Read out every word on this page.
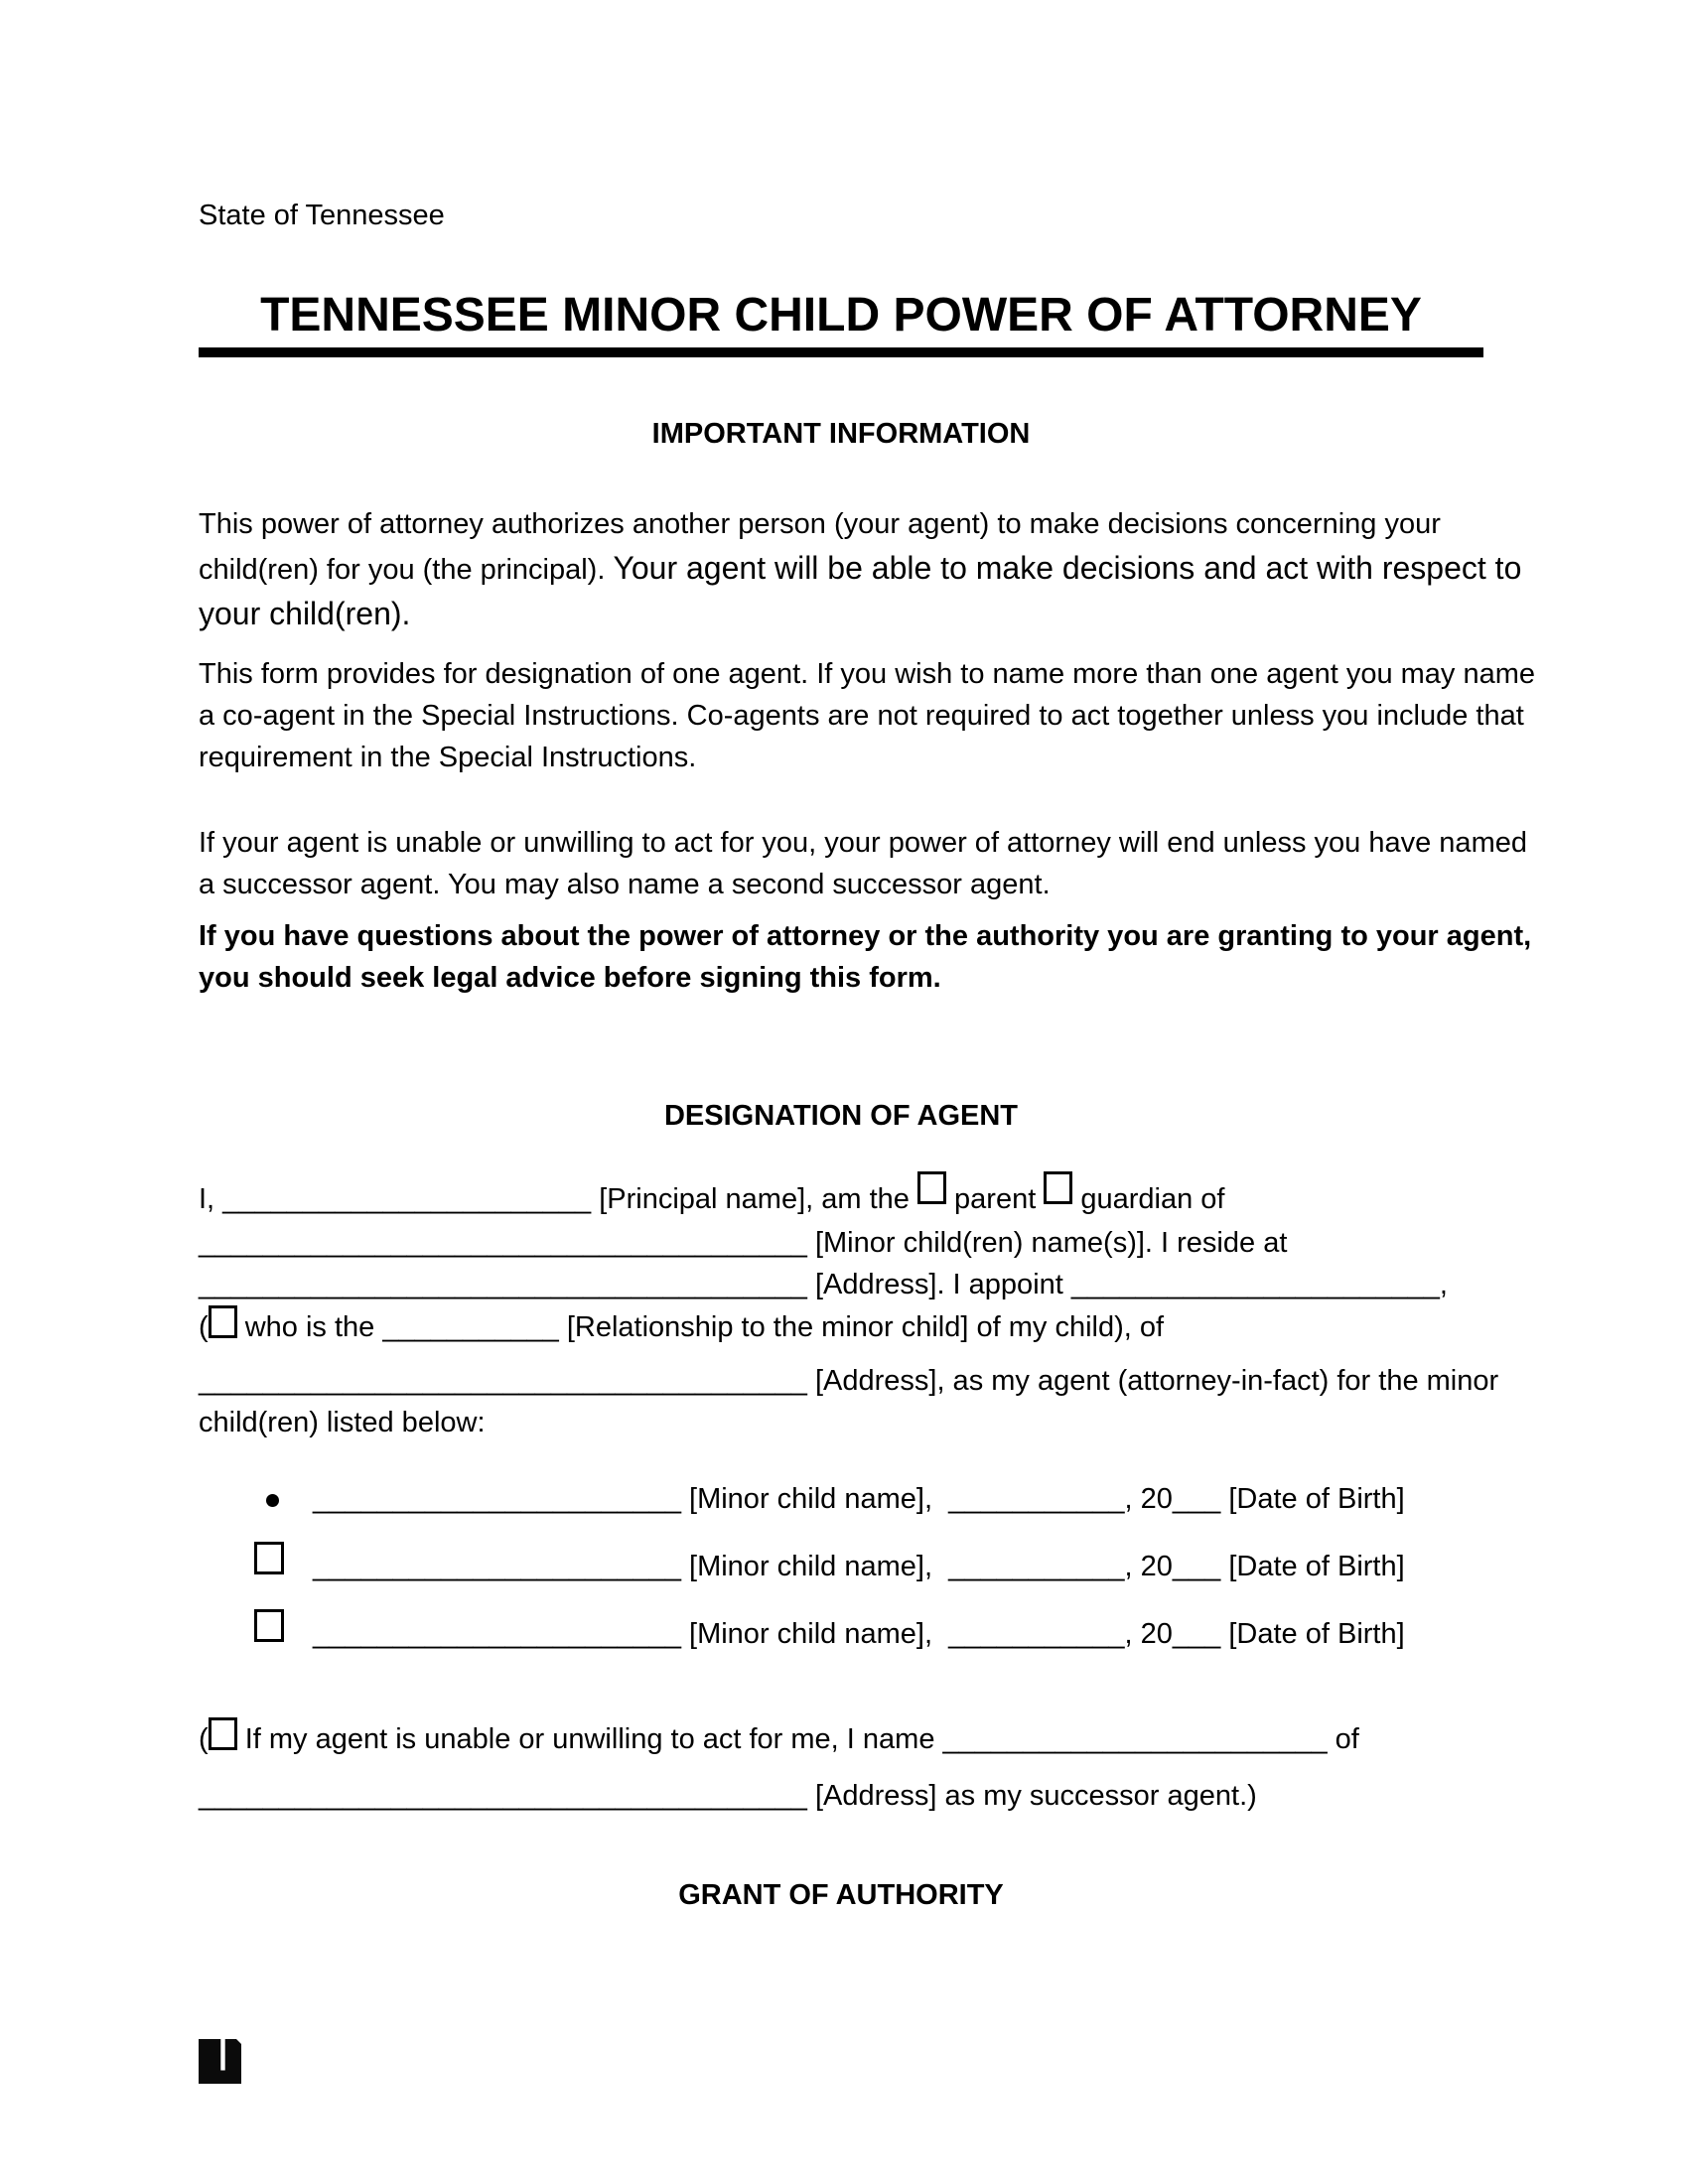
State of Tennessee
TENNESSEE MINOR CHILD POWER OF ATTORNEY
IMPORTANT INFORMATION
This power of attorney authorizes another person (your agent) to make decisions concerning your
child(ren) for you (the principal). Your agent will be able to make decisions and act with respect to
your child(ren).
This form provides for designation of one agent. If you wish to name more than one agent you may name
a co-agent in the Special Instructions. Co-agents are not required to act together unless you include that
requirement in the Special Instructions.
If your agent is unable or unwilling to act for you, your power of attorney will end unless you have named
a successor agent. You may also name a second successor agent.
If you have questions about the power of attorney or the authority you are granting to your agent,
you should seek legal advice before signing this form.
DESIGNATION OF AGENT
I, _______________________ [Principal name], am the  parent  guardian of
______________________________________ [Minor child(ren) name(s)]. I reside at
______________________________________ [Address]. I appoint _______________________,
( who is the ___________ [Relationship to the minor child] of my child), of
______________________________________ [Address], as my agent (attorney-in-fact) for the minor
child(ren) listed below:
_______________________ [Minor child name],  ___________, 20___ [Date of Birth]
_______________________ [Minor child name],  ___________, 20___ [Date of Birth]
_______________________ [Minor child name],  ___________, 20___ [Date of Birth]
( If my agent is unable or unwilling to act for me, I name ________________________ of
______________________________________ [Address] as my successor agent.)
GRANT OF AUTHORITY
